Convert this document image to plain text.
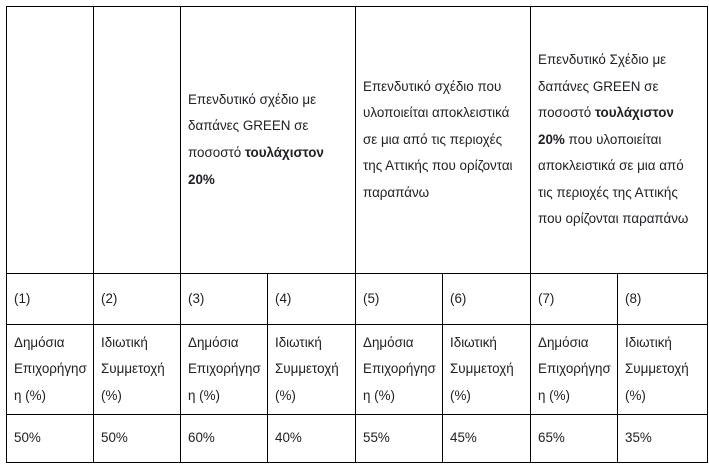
		Επενδυτικό σχέδιο με δαπάνες GREEN σε ποσοστό τουλάχιστον 20%		Επενδυτικό σχέδιο που υλοποιείται αποκλειστικά σε μια από τις περιοχές της Αττικής που ορίζονται παραπάνω		Επενδυτικό Σχέδιο με δαπάνες GREEN σε ποσοστό τουλάχιστον 20% που υλοποιείται αποκλειστικά σε μια από τις περιοχές της Αττικής που ορίζονται παραπάνω	
(1)	(2)	(3)	(4)	(5)	(6)	(7)	(8)
Δημόσια Επιχορήγηση (%)	Ιδιωτική Συμμετοχή (%)	Δημόσια Επιχορήγηση (%)	Ιδιωτική Συμμετοχή (%)	Δημόσια Επιχορήγηση (%)	Ιδιωτική Συμμετοχή (%)	Δημόσια Επιχορήγηση (%)	Ιδιωτική Συμμετοχή (%)
50%	50%	60%	40%	55%	45%	65%	35%
